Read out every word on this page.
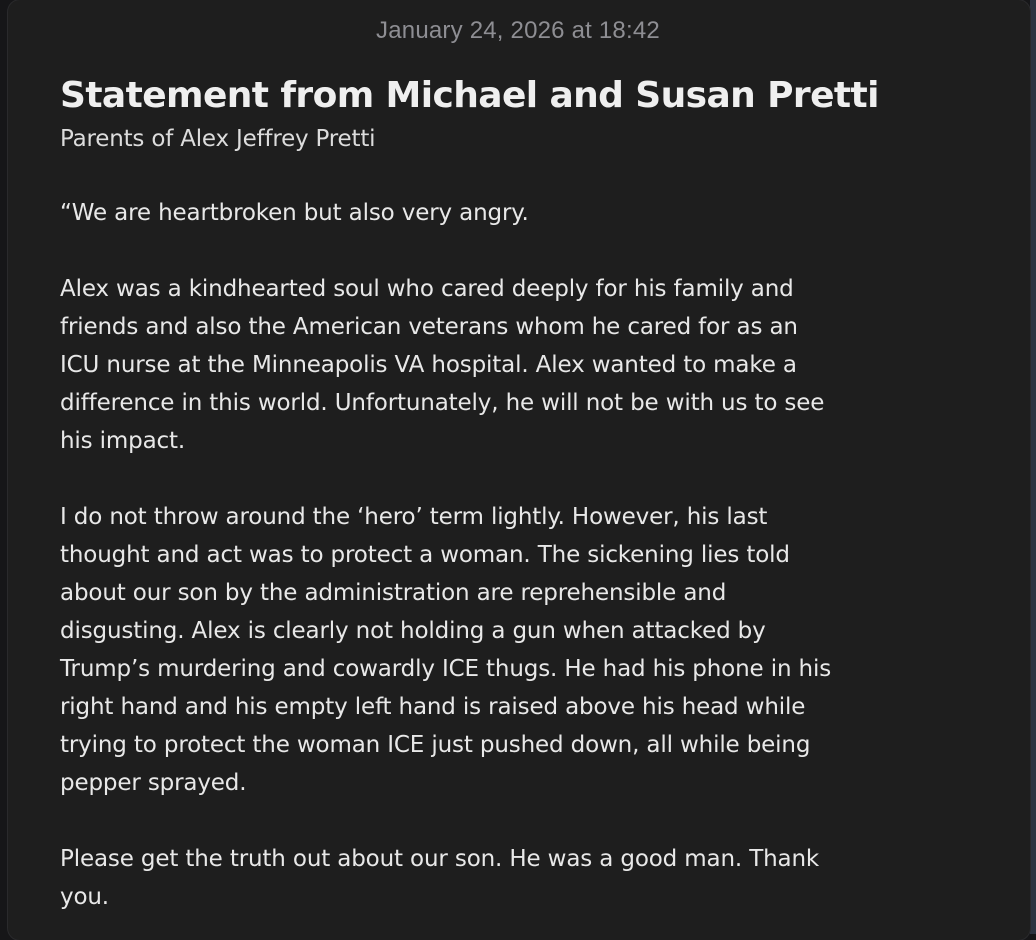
January 24, 2026 at 18:42
Statement from Michael and Susan Pretti
Parents of Alex Jeffrey Pretti
“We are heartbroken but also very angry.
Alex was a kindhearted soul who cared deeply for his family and
friends and also the American veterans whom he cared for as an
ICU nurse at the Minneapolis VA hospital. Alex wanted to make a
difference in this world. Unfortunately, he will not be with us to see
his impact.
I do not throw around the ‘hero’ term lightly. However, his last
thought and act was to protect a woman. The sickening lies told
about our son by the administration are reprehensible and
disgusting. Alex is clearly not holding a gun when attacked by
Trump’s murdering and cowardly ICE thugs. He had his phone in his
right hand and his empty left hand is raised above his head while
trying to protect the woman ICE just pushed down, all while being
pepper sprayed.
Please get the truth out about our son. He was a good man. Thank
you.
